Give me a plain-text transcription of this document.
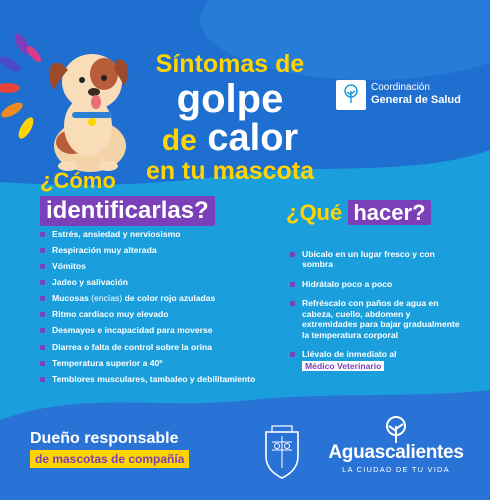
Síntomas de
golpe
de calor
en tu mascota
Coordinación
General de Salud
¿Cómo
identificarlas?	¿Qué hacer?
Estrés, ansiedad y nerviosismo
Respiración muy alterada
Vómitos
Jadeo y salivación
Mucosas (encías) de color rojo azuladas
Ritmo cardiaco muy elevado
Desmayos e incapacidad para moverse
Diarrea o falta de control sobre la orina
Temperatura superior a 40º
Temblores musculares, tambaleo y debilitamiento
Ubícalo en un lugar fresco y con sombra
Hidrátalo poco a poco
Refréscalo con paños de agua en cabeza, cuello, abdomen y extremidades para bajar gradualmente la temperatura corporal
Llévalo de inmediato al
Médico Veterinario
Dueño responsable
de mascotas de compañía	Aguascalientes
LA CIUDAD DE TU VIDA
